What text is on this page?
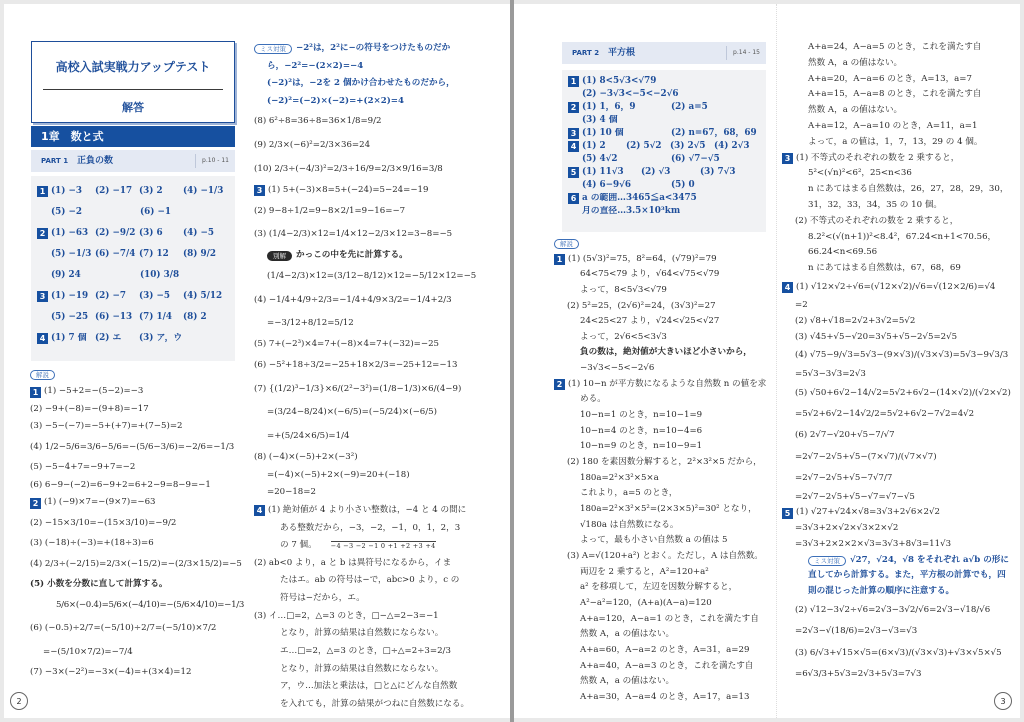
高校入試実戦力アップテスト
解答
1章　数と式
PART 1 正負の数	p.10 - 11
1 (1) −3	(2) −17 (3) 2	(4) −1/3
(5) −2	(6) −1
2 (1) −63 (2) −9/2 (3) 6	(4) −5
(5) −1/3 (6) −7/4 (7) 12	(8) 9/2
(9) 24	(10) 3/8
3 (1) −19 (2) −7	(3) −5	(4) 5/12
(5) −25 (6) −13 (7) 1/4	(8) 2
4 (1) 7 個 (2) エ	(3) ア，ウ
解説
1 (1) −5+2=−(5−2)=−3
(2) −9+(−8)=−(9+8)=−17
(3) −5−(−7)=−5+(+7)=+(7−5)=2
(4) 1/2−5/6=3/6−5/6=−(5/6−3/6)=−2/6=−1/3
(5) −5−4+7=−9+7=−2
(6) 6−9−(−2)=6−9+2=6+2−9=8−9=−1
2 (1) (−9)×7=−(9×7)=−63
(2) −15×3/10=−(15×3/10)=−9/2
(3) (−18)÷(−3)=+(18÷3)=6
(4) 2/3÷(−2/15)=2/3×(−15/2)=−(2/3×15/2)=−5
(5) 小数を分数に直して計算する。
5/6×(−0.4)=5/6×(−4/10)=−(5/6×4/10)=−1/3
(6) (−0.5)÷2/7=(−5/10)÷2/7=(−5/10)×7/2
=−(5/10×7/2)=−7/4
(7) −3×(−2²)=−3×(−4)=+(3×4)=12
ミス対策	−2²は，2²に−の符号をつけたものだか
ら，−2²=−(2×2)=−4
(−2)²は，−2を 2 個かけ合わせたものだから，
(−2)²=(−2)×(−2)=+(2×2)=4
(8) 6²÷8=36÷8=36×1/8=9/2
(9) 2/3×(−6)²=2/3×36=24
(10) 2/3÷(−4/3)²=2/3÷16/9=2/3×9/16=3/8
3 (1) 5+(−3)×8=5+(−24)=5−24=−19
(2) 9−8÷1/2=9−8×2/1=9−16=−7
(3) (1/4−2/3)×12=1/4×12−2/3×12=3−8=−5
別解	かっこの中を先に計算する。
(1/4−2/3)×12=(3/12−8/12)×12=−5/12×12=−5
(4) −1/4+4/9÷2/3=−1/4+4/9×3/2=−1/4+2/3
=−3/12+8/12=5/12
(5) 7+(−2³)×4=7+(−8)×4=7+(−32)=−25
(6) −5²+18÷3/2=−25+18×2/3=−25+12=−13
(7) {(1/2)³−1/3}×6/(2²−3²)=(1/8−1/3)×6/(4−9)
=(3/24−8/24)×(−6/5)=(−5/24)×(−6/5)
=+(5/24×6/5)=1/4
(8) (−4)×(−5)+2×(−3²)
=(−4)×(−5)+2×(−9)=20+(−18)
=20−18=2
4 (1) 絶対値が 4 より小さい整数は，−4 と 4 の間に
ある整数だから，−3，−2，−1，0，1，2，3
の 7 個。 −4 −3 −2 −1 0 +1 +2 +3 +4
(2) ab<0 より，a と b は異符号になるから，イま
たはエ。ab の符号は−で，abc>0 より，c の
符号は−だから，エ。
(3) イ…□=2，△=3 のとき，□−△=2−3=−1
となり，計算の結果は自然数にならない。
エ…□=2，△=3 のとき，□÷△=2÷3=2/3
となり，計算の結果は自然数にならない。
ア，ウ…加法と乗法は，□と△にどんな自然数
を入れても，計算の結果がつねに自然数になる。
2
PART 2 平方根	p.14 - 15
1 (1) 8<5√3<√79
(2) −3√3<−5<−2√6
2 (1) 1，6，9	(2) a=5
(3) 4 個
3 (1) 10 個	(2) n=67，68，69
4 (1) 2	(2) 5√2 (3) 2√5 (4) 2√3
(5) 4√2	(6) √7−√5
5 (1) 11√3	(2) √3	(3) 7√3
(4) 6−9√6	(5) 0
6 a の範囲…3465≦a<3475
月の直径…3.5×10³km
解説
1 (1) (5√3)²=75，8²=64，(√79)²=79
64<75<79 より，√64<√75<√79
よって，8<5√3<√79
(2) 5²=25，(2√6)²=24，(3√3)²=27
24<25<27 より，√24<√25<√27
よって，2√6<5<3√3
負の数は，絶対値が大きいほど小さいから，
−3√3<−5<−2√6
2 (1) 10−n が平方数になるような自然数 n の値を求
める。
10−n=1 のとき，n=10−1=9
10−n=4 のとき，n=10−4=6
10−n=9 のとき，n=10−9=1
(2) 180 を素因数分解すると，2²×3²×5 だから，
180a=2²×3²×5×a
これより，a=5 のとき，
180a=2²×3²×5²=(2×3×5)²=30² となり，
√180a は自然数になる。
よって，最も小さい自然数 a の値は 5
(3) A=√(120+a²) とおく。ただし，A は自然数。
両辺を 2 乗すると，A²=120+a²
a² を移項して，左辺を因数分解すると，
A²−a²=120，(A+a)(A−a)=120
A+a=120，A−a=1 のとき，これを満たす自
然数 A，a の値はない。
A+a=60，A−a=2 のとき，A=31，a=29
A+a=40，A−a=3 のとき，これを満たす自
然数 A，a の値はない。
A+a=30，A−a=4 のとき，A=17，a=13
A+a=24，A−a=5 のとき，これを満たす自
然数 A，a の値はない。
A+a=20，A−a=6 のとき，A=13，a=7
A+a=15，A−a=8 のとき，これを満たす自
然数 A，a の値はない。
A+a=12，A−a=10 のとき，A=11，a=1
よって，a の値は，1，7，13，29 の 4 個。
3 (1) 不等式のそれぞれの数を 2 乗すると，
5²<(√n)²<6²，25<n<36
n にあてはまる自然数は，26，27，28，29，30，
31，32，33，34，35 の 10 個。
(2) 不等式のそれぞれの数を 2 乗すると，
8.2²<(√(n+1))²<8.4²，67.24<n+1<70.56，
66.24<n<69.56
n にあてはまる自然数は，67，68，69
4 (1) √12×√2÷√6=(√12×√2)/√6=√(12×2/6)=√4
=2
(2) √8+√18=2√2+3√2=5√2
(3) √45+√5−√20=3√5+√5−2√5=2√5
(4) √75−9/√3=5√3−(9×√3)/(√3×√3)=5√3−9√3/3
=5√3−3√3=2√3
(5) √50+6√2−14/√2=5√2+6√2−(14×√2)/(√2×√2)
=5√2+6√2−14√2/2=5√2+6√2−7√2=4√2
(6) 2√7−√20+√5−7/√7
=2√7−2√5+√5−(7×√7)/(√7×√7)
=2√7−2√5+√5−7√7/7
=2√7−2√5+√5−√7=√7−√5
5 (1) √27+√24×√8=3√3+2√6×2√2
=3√3+2×√2×√3×2×√2
=3√3+2×2×2×√3=3√3+8√3=11√3
ミス対策	√27，√24，√8 をそれぞれ a√b の形に
直してから計算する。また，平方根の計算でも，四
則の混じった計算の順序に注意する。
(2) √12−3√2÷√6=2√3−3√2/√6=2√3−√18/√6
=2√3−√(18/6)=2√3−√3=√3
(3) 6/√3+√15×√5=(6×√3)/(√3×√3)+√3×√5×√5
=6√3/3+5√3=2√3+5√3=7√3
3
